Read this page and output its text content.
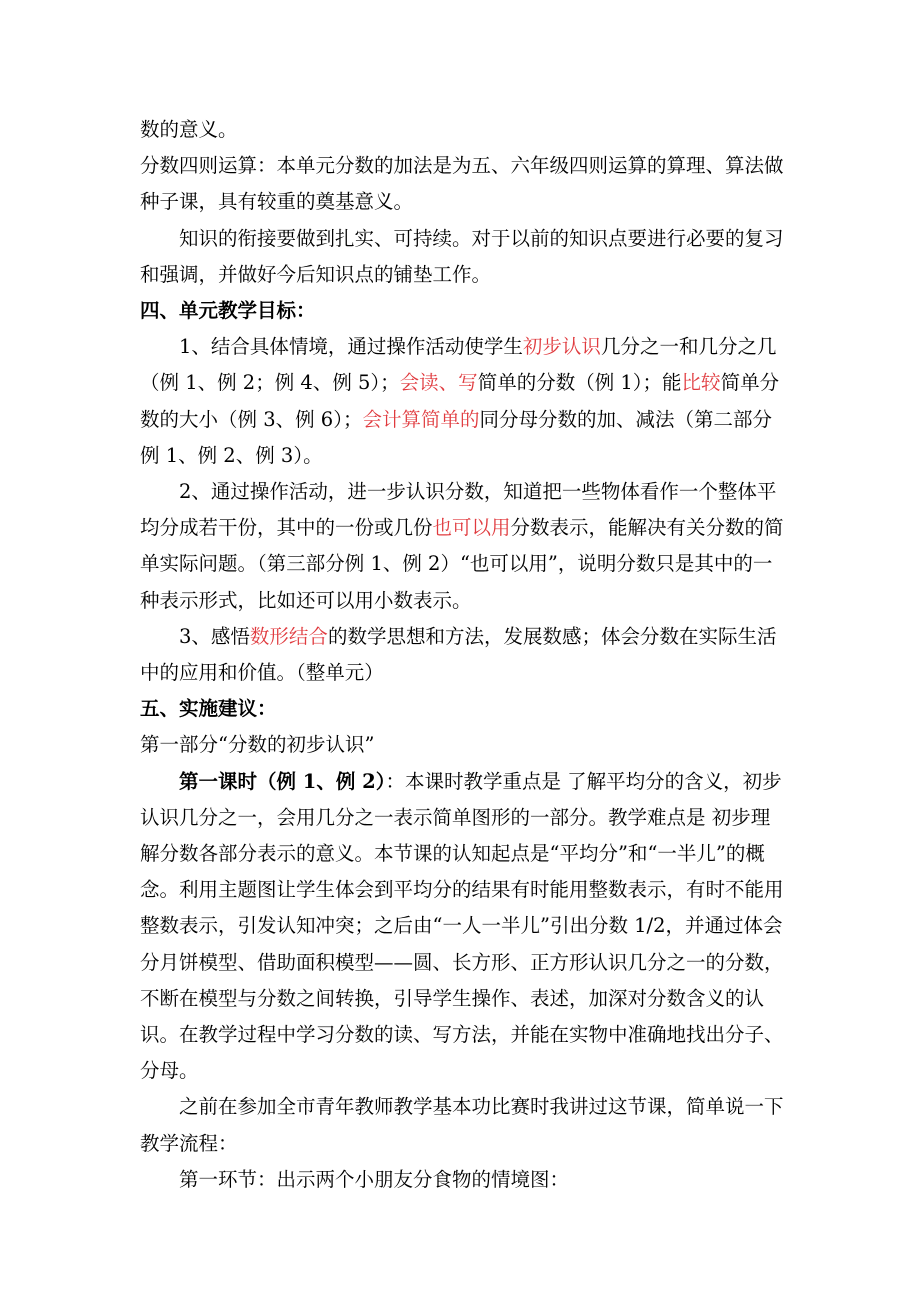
数的意义。

分数四则运算：本单元分数的加法是为五、六年级四则运算的算理、算法做种子课，具有较重的奠基意义。

知识的衔接要做到扎实、可持续。对于以前的知识点要进行必要的复习和强调，并做好今后知识点的铺垫工作。

四、单元教学目标：

1、结合具体情境，通过操作活动使学生初步认识几分之一和几分之几（例 1、例 2；例 4、例 5）；会读、写简单的分数（例 1）；能比较简单分数的大小（例 3、例 6）；会计算简单的同分母分数的加、减法（第二部分例 1、例 2、例 3）。

2、通过操作活动，进一步认识分数，知道把一些物体看作一个整体平均分成若干份，其中的一份或几份也可以用分数表示，能解决有关分数的简单实际问题。（第三部分例 1、例 2）“也可以用”，说明分数只是其中的一种表示形式，比如还可以用小数表示。

3、感悟数形结合的数学思想和方法，发展数感；体会分数在实际生活中的应用和价值。（整单元）

五、实施建议：

第一部分“分数的初步认识”

第一课时（例 1、例 2）：本课时教学重点是 了解平均分的含义，初步认识几分之一，会用几分之一表示简单图形的一部分。教学难点是 初步理解分数各部分表示的意义。本节课的认知起点是“平均分”和“一半儿”的概念。利用主题图让学生体会到平均分的结果有时能用整数表示，有时不能用整数表示，引发认知冲突；之后由“一人一半儿”引出分数 1/2，并通过体会分月饼模型、借助面积模型——圆、长方形、正方形认识几分之一的分数，不断在模型与分数之间转换，引导学生操作、表述，加深对分数含义的认识。在教学过程中学习分数的读、写方法，并能在实物中准确地找出分子、分母。

之前在参加全市青年教师教学基本功比赛时我讲过这节课，简单说一下教学流程：

第一环节：出示两个小朋友分食物的情境图：
